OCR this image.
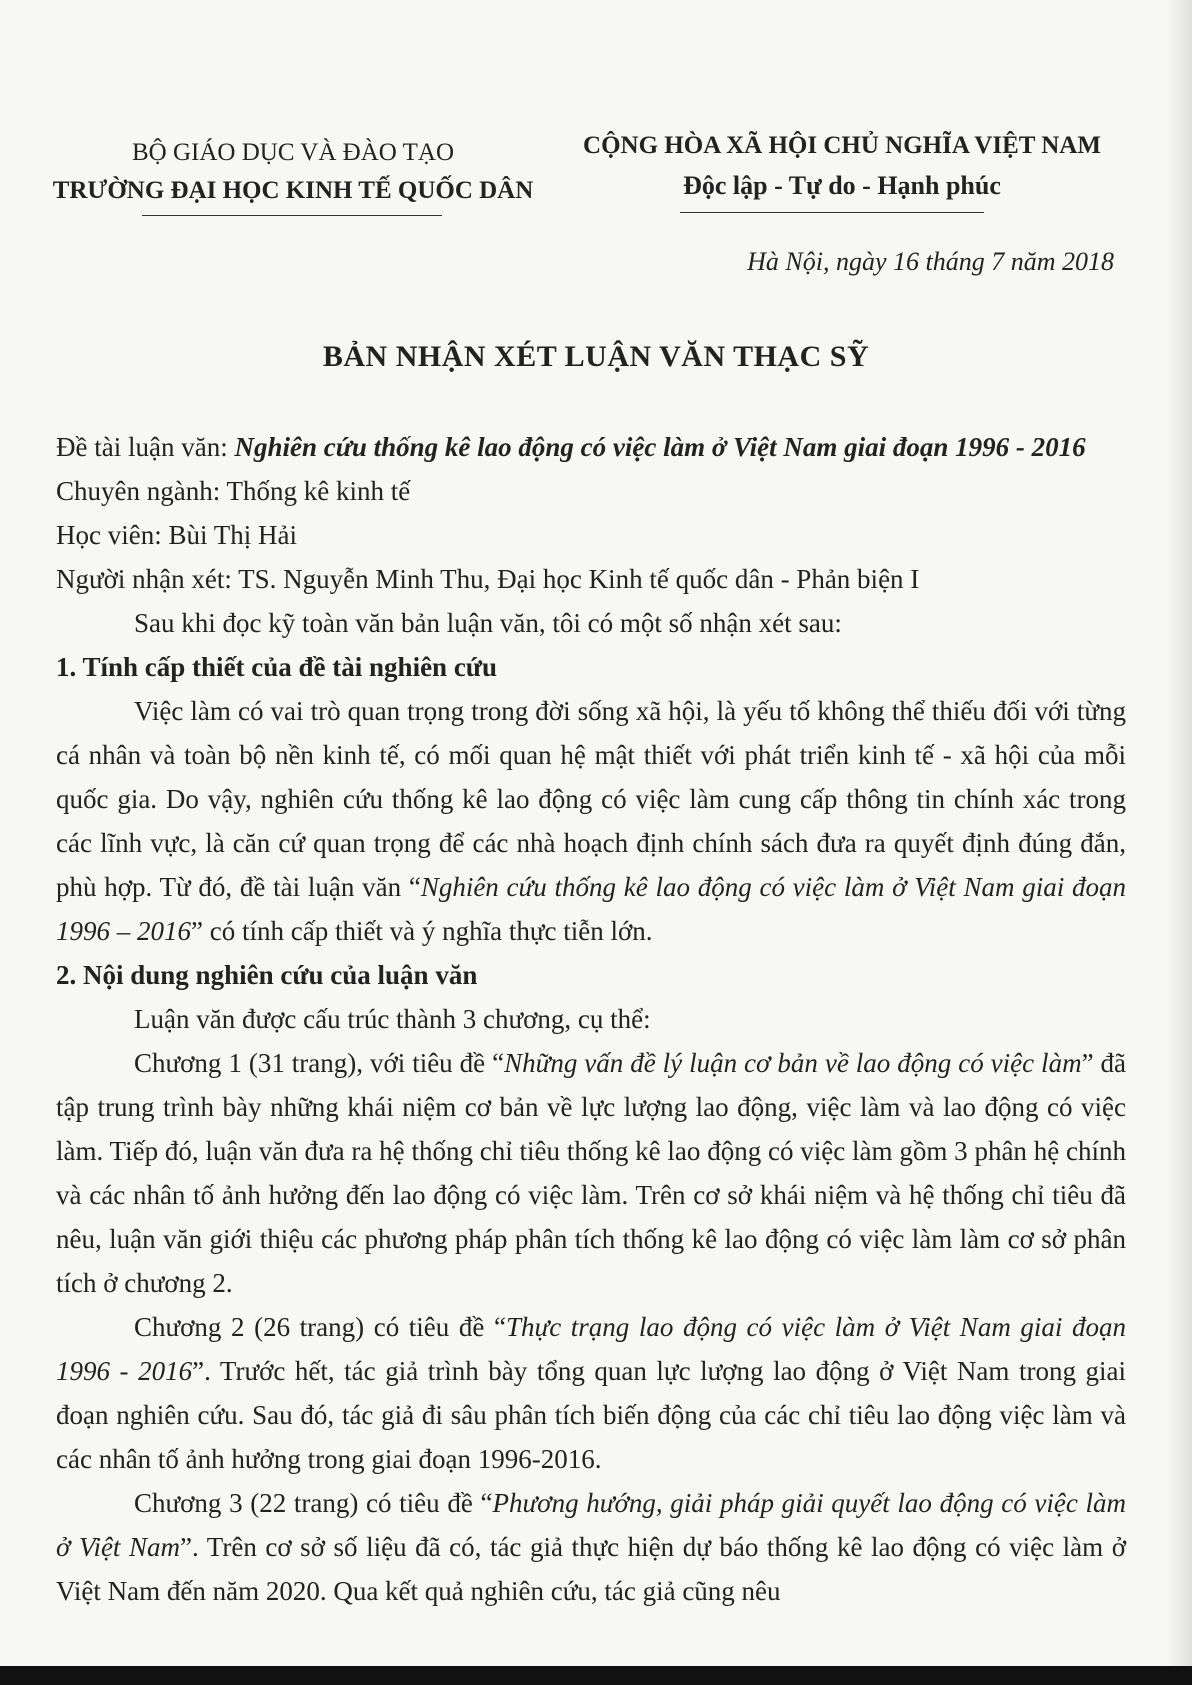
BỘ GIÁO DỤC VÀ ĐÀO TẠO
TRƯỜNG ĐẠI HỌC KINH TẾ QUỐC DÂN
CỘNG HÒA XÃ HỘI CHỦ NGHĨA VIỆT NAM
Độc lập - Tự do - Hạnh phúc
Hà Nội, ngày 16 tháng 7 năm 2018
BẢN NHẬN XÉT LUẬN VĂN THẠC SỸ

Đề tài luận văn: Nghiên cứu thống kê lao động có việc làm ở Việt Nam giai đoạn 1996 - 2016

Chuyên ngành: Thống kê kinh tế

Học viên: Bùi Thị Hải

Người nhận xét: TS. Nguyễn Minh Thu, Đại học Kinh tế quốc dân - Phản biện I

Sau khi đọc kỹ toàn văn bản luận văn, tôi có một số nhận xét sau:

1. Tính cấp thiết của đề tài nghiên cứu

Việc làm có vai trò quan trọng trong đời sống xã hội, là yếu tố không thể thiếu đối với từng cá nhân và toàn bộ nền kinh tế, có mối quan hệ mật thiết với phát triển kinh tế - xã hội của mỗi quốc gia. Do vậy, nghiên cứu thống kê lao động có việc làm cung cấp thông tin chính xác trong các lĩnh vực, là căn cứ quan trọng để các nhà hoạch định chính sách đưa ra quyết định đúng đắn, phù hợp. Từ đó, đề tài luận văn “Nghiên cứu thống kê lao động có việc làm ở Việt Nam giai đoạn 1996 – 2016” có tính cấp thiết và ý nghĩa thực tiễn lớn.

2. Nội dung nghiên cứu của luận văn

Luận văn được cấu trúc thành 3 chương, cụ thể:

Chương 1 (31 trang), với tiêu đề “Những vấn đề lý luận cơ bản về lao động có việc làm” đã tập trung trình bày những khái niệm cơ bản về lực lượng lao động, việc làm và lao động có việc làm. Tiếp đó, luận văn đưa ra hệ thống chỉ tiêu thống kê lao động có việc làm gồm 3 phân hệ chính và các nhân tố ảnh hưởng đến lao động có việc làm. Trên cơ sở khái niệm và hệ thống chỉ tiêu đã nêu, luận văn giới thiệu các phương pháp phân tích thống kê lao động có việc làm làm cơ sở phân tích ở chương 2.

Chương 2 (26 trang) có tiêu đề “Thực trạng lao động có việc làm ở Việt Nam giai đoạn 1996 - 2016”. Trước hết, tác giả trình bày tổng quan lực lượng lao động ở Việt Nam trong giai đoạn nghiên cứu. Sau đó, tác giả đi sâu phân tích biến động của các chỉ tiêu lao động việc làm và các nhân tố ảnh hưởng trong giai đoạn 1996-2016.

Chương 3 (22 trang) có tiêu đề “Phương hướng, giải pháp giải quyết lao động có việc làm ở Việt Nam”. Trên cơ sở số liệu đã có, tác giả thực hiện dự báo thống kê lao động có việc làm ở Việt Nam đến năm 2020. Qua kết quả nghiên cứu, tác giả cũng nêu
